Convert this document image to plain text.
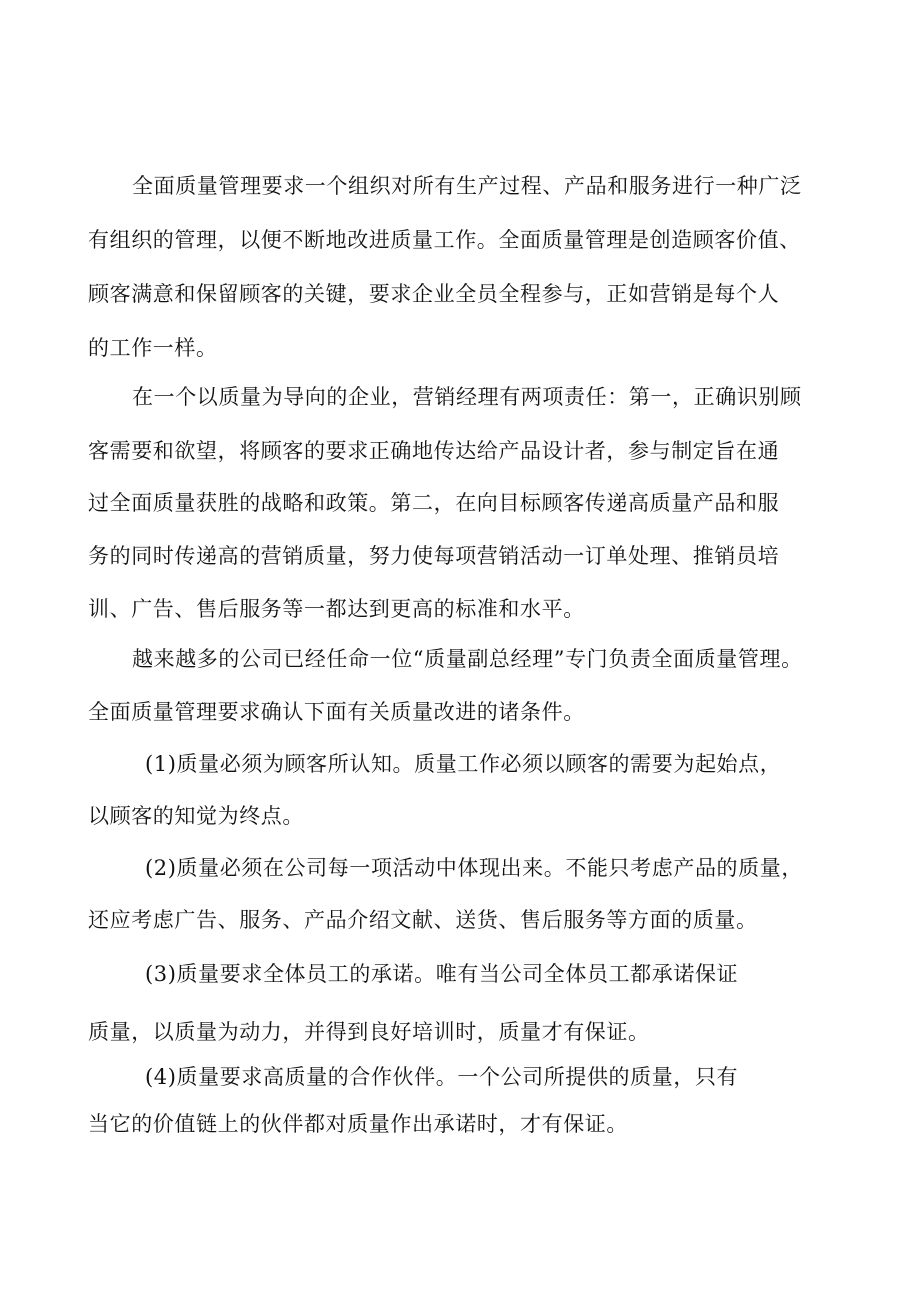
全面质量管理要求一个组织对所有生产过程、产品和服务进行一种广泛
有组织的管理，以便不断地改进质量工作。全面质量管理是创造顾客价值、
顾客满意和保留顾客的关键，要求企业全员全程参与，正如营销是每个人
的工作一样。
在一个以质量为导向的企业，营销经理有两项责任：第一，正确识别顾
客需要和欲望，将顾客的要求正确地传达给产品设计者，参与制定旨在通
过全面质量获胜的战略和政策。第二，在向目标顾客传递高质量产品和服
务的同时传递高的营销质量，努力使每项营销活动一订单处理、推销员培
训、广告、售后服务等一都达到更高的标准和水平。
越来越多的公司已经任命一位“质量副总经理”专门负责全面质量管理。
全面质量管理要求确认下面有关质量改进的诸条件。
(1)质量必须为顾客所认知。质量工作必须以顾客的需要为起始点，
以顾客的知觉为终点。
(2)质量必须在公司每一项活动中体现出来。不能只考虑产品的质量，
还应考虑广告、服务、产品介绍文献、送货、售后服务等方面的质量。
(3)质量要求全体员工的承诺。唯有当公司全体员工都承诺保证
质量，以质量为动力，并得到良好培训时，质量才有保证。
(4)质量要求高质量的合作伙伴。一个公司所提供的质量，只有
当它的价值链上的伙伴都对质量作出承诺时，才有保证。
